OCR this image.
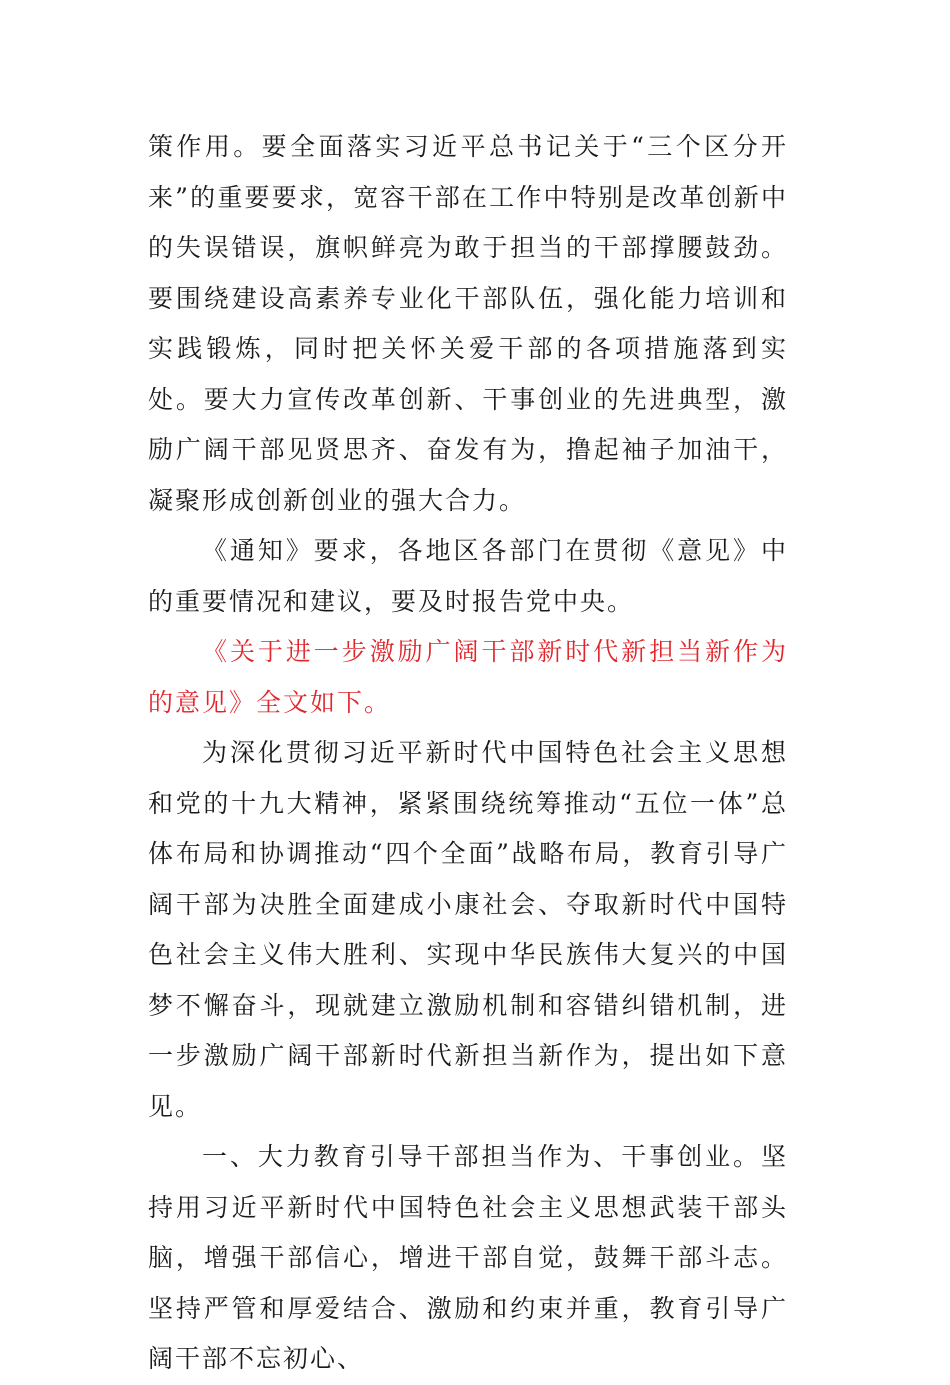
策作用。要全面落实习近平总书记关于“三个区分开来”的重要要求，宽容干部在工作中特别是改革创新中的失误错误，旗帜鲜亮为敢于担当的干部撑腰鼓劲。要围绕建设高素养专业化干部队伍，强化能力培训和实践锻炼，同时把关怀关爱干部的各项措施落到实处。要大力宣传改革创新、干事创业的先进典型，激励广阔干部见贤思齐、奋发有为，撸起袖子加油干，凝聚形成创新创业的强大合力。

《通知》要求，各地区各部门在贯彻《意见》中的重要情况和建议，要及时报告党中央。

《关于进一步激励广阔干部新时代新担当新作为的意见》全文如下。

为深化贯彻习近平新时代中国特色社会主义思想和党的十九大精神，紧紧围绕统筹推动“五位一体”总体布局和协调推动“四个全面”战略布局，教育引导广阔干部为决胜全面建成小康社会、夺取新时代中国特色社会主义伟大胜利、实现中华民族伟大复兴的中国梦不懈奋斗，现就建立激励机制和容错纠错机制，进一步激励广阔干部新时代新担当新作为，提出如下意见。

一、大力教育引导干部担当作为、干事创业。坚持用习近平新时代中国特色社会主义思想武装干部头脑，增强干部信心，增进干部自觉，鼓舞干部斗志。坚持严管和厚爱结合、激励和约束并重，教育引导广阔干部不忘初心、
